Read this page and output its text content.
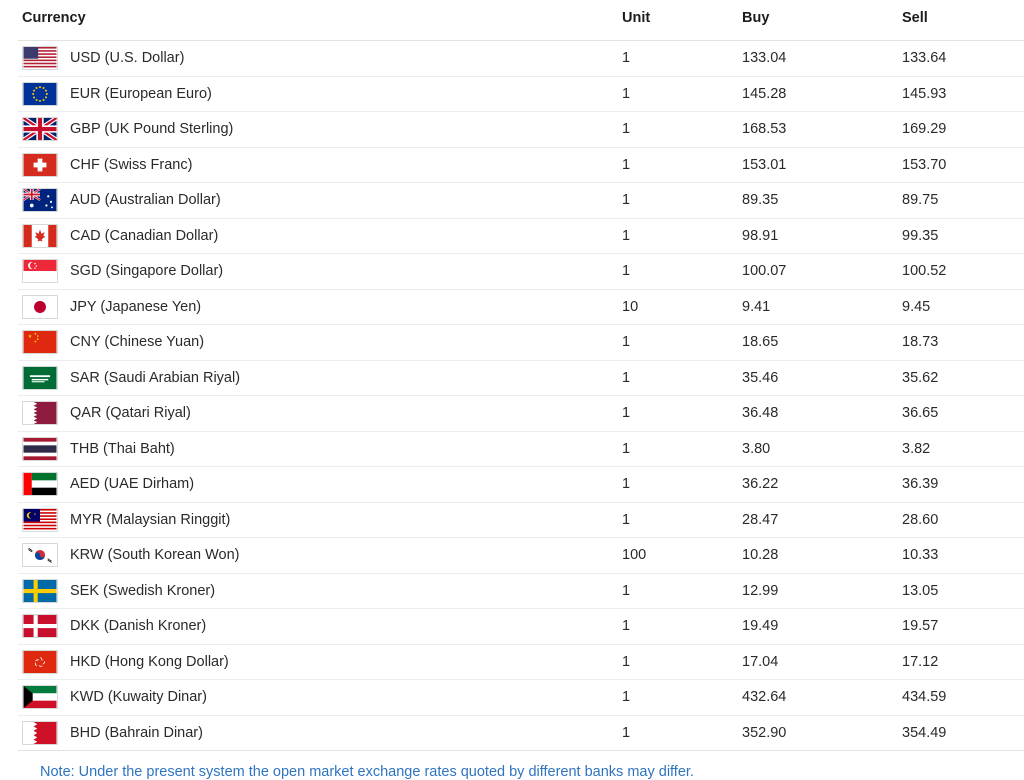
Currency	Unit	Buy	Sell

USD (U.S. Dollar)	1	133.04	133.64

EUR (European Euro)	1	145.28	145.93

GBP (UK Pound Sterling)	1	168.53	169.29

CHF (Swiss Franc)	1	153.01	153.70

AUD (Australian Dollar)	1	89.35	89.75

CAD (Canadian Dollar)	1	98.91	99.35

SGD (Singapore Dollar)	1	100.07	100.52

JPY (Japanese Yen)	10	9.41	9.45

CNY (Chinese Yuan)	1	18.65	18.73

SAR (Saudi Arabian Riyal)	1	35.46	35.62

QAR (Qatari Riyal)	1	36.48	36.65

THB (Thai Baht)	1	3.80	3.82

AED (UAE Dirham)	1	36.22	36.39

MYR (Malaysian Ringgit)	1	28.47	28.60

KRW (South Korean Won)	100	10.28	10.33

SEK (Swedish Kroner)	1	12.99	13.05

DKK (Danish Kroner)	1	19.49	19.57

HKD (Hong Kong Dollar)	1	17.04	17.12

KWD (Kuwaity Dinar)	1	432.64	434.59

BHD (Bahrain Dinar)	1	352.90	354.49
Note: Under the present system the open market exchange rates quoted by different banks may differ.
